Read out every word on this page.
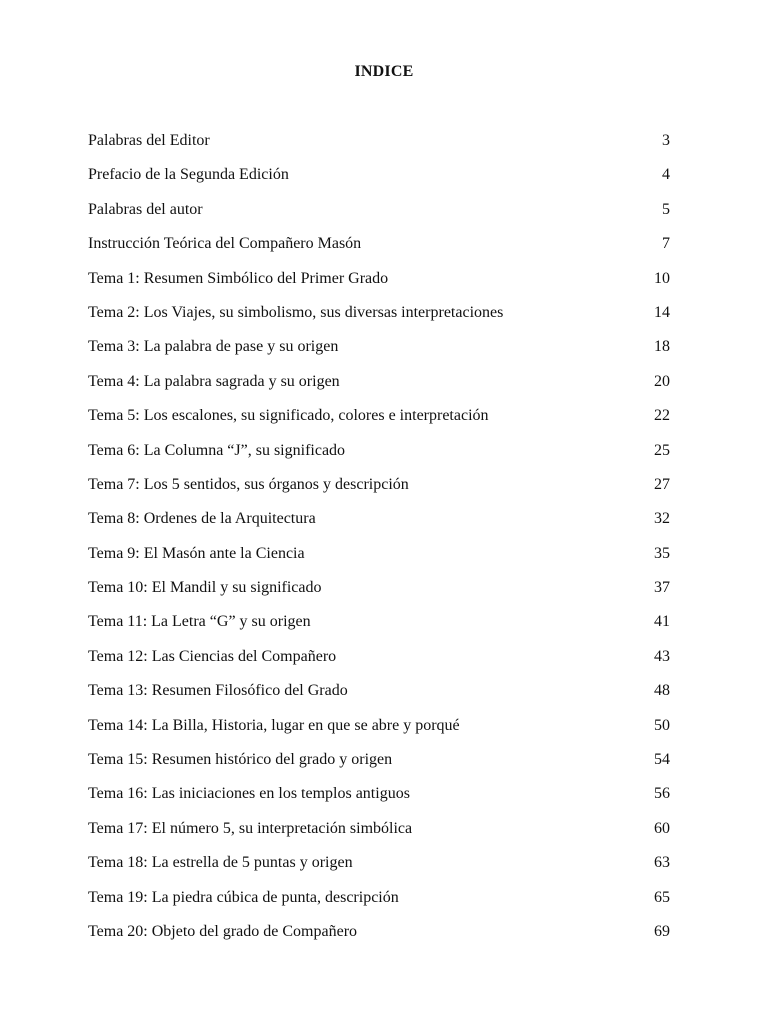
INDICE
Palabras del Editor	3
Prefacio de la Segunda Edición	4
Palabras del autor	5
Instrucción Teórica del Compañero Masón	7
Tema 1: Resumen Simbólico del Primer Grado	10
Tema 2: Los Viajes, su simbolismo, sus diversas interpretaciones	14
Tema 3: La palabra de pase y su origen	18
Tema 4: La palabra sagrada y su origen	20
Tema 5: Los escalones, su significado, colores e interpretación	22
Tema 6: La Columna “J”, su significado	25
Tema 7: Los 5 sentidos, sus órganos y descripción	27
Tema 8: Ordenes de la Arquitectura	32
Tema 9: El Masón ante la Ciencia	35
Tema 10: El Mandil y su significado	37
Tema 11: La Letra “G” y su origen	41
Tema 12: Las Ciencias del Compañero	43
Tema 13: Resumen Filosófico del Grado	48
Tema 14: La Billa, Historia, lugar en que se abre y porqué	50
Tema 15: Resumen histórico del grado y origen	54
Tema 16: Las iniciaciones en los templos antiguos	56
Tema 17: El número 5, su interpretación simbólica	60
Tema 18: La estrella de 5 puntas y origen	63
Tema 19: La piedra cúbica de punta, descripción	65
Tema 20: Objeto del grado de Compañero	69
